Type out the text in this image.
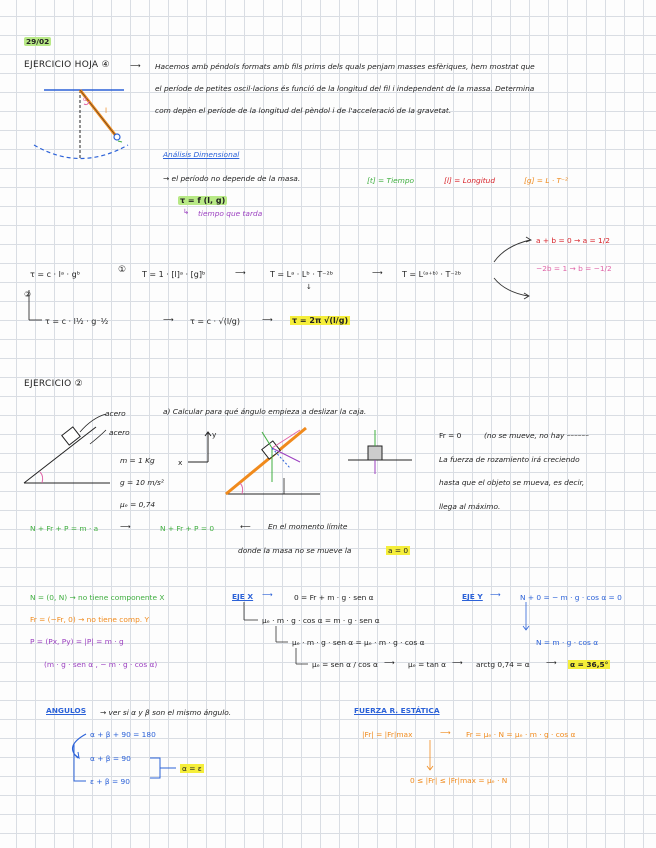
29/02
EJERCICIO HOJA ④	⟶ Hacemos amb péndols formats amb fils prims dels quals penjam masses esfèriques, hem mostrat que
el període de petites oscil·lacions és funció de la longitud del fil i independent de la massa. Determina
com depèn el període de la longitud del pèndol i de l'acceleració de la gravetat.
l
α
Análisis Dimensional
→ el período no depende de la masa.	[t] = Tiempo	[l] = Longitud	[g] = L · T⁻²
τ = f (l, g)
↳ tiempo que tarda
τ = c · lᵃ · gᵇ	① T = 1 · [l]ᵃ · [g]ᵇ	⟶	T = Lᵃ · Lᵇ · T⁻²ᵇ
↓
⟶ T = L⁽ᵃ⁺ᵇ⁾ · T⁻²ᵇ
a + b = 0 → a = 1/2
−2b = 1 → b = −1/2
②
τ = c · l½ · g⁻½	⟶ τ = c · √(l/g)	⟶ τ = 2π √(l/g)
EJERCICIO ②
a) Calcular para qué ángulo empieza a deslizar la caja.
acero
acero
m = 1 Kg
g = 10 m/s²
μₑ = 0,74
y
x
Fr = 0	(no se mueve, no hay ––––––
La fuerza de rozamiento irá creciendo
hasta que el objeto se mueva, es decir,
llega al máximo.
N + Fr + P = m · a	⟶	N + Fr + P = 0	⟵ En el momento límite
donde la masa no se mueve la	a = 0
N = (0, N) → no tiene componente X
Fr = (−Fr, 0) → no tiene comp. Y
P = (Px, Py) = |P| = m · g
(m · g · sen α , − m · g · cos α)
EJE X ⟶	0 = Fr + m · g · sen α
μₑ · m · g · cos α = m · g · sen α
μₑ · m · g · sen α = μₑ · m · g · cos α
μₑ = sen α / cos α ⟶ μₑ = tan α ⟶ arctg 0,74 = α ⟶ α = 36,5°
EJE Y ⟶	N + 0 = − m · g · cos α = 0
N = m · g · cos α
ANGULOS → ver si α y β son el mismo ángulo.
α + β + 90 = 180
α + β = 90
ε + β = 90
α = ε
FUERZA R. ESTÁTICA
|Fr| = |Fr|max	⟶ Fr = μₑ · N = μₑ · m · g · cos α
0 ≤ |Fr| ≤ |Fr|max = μₑ · N
